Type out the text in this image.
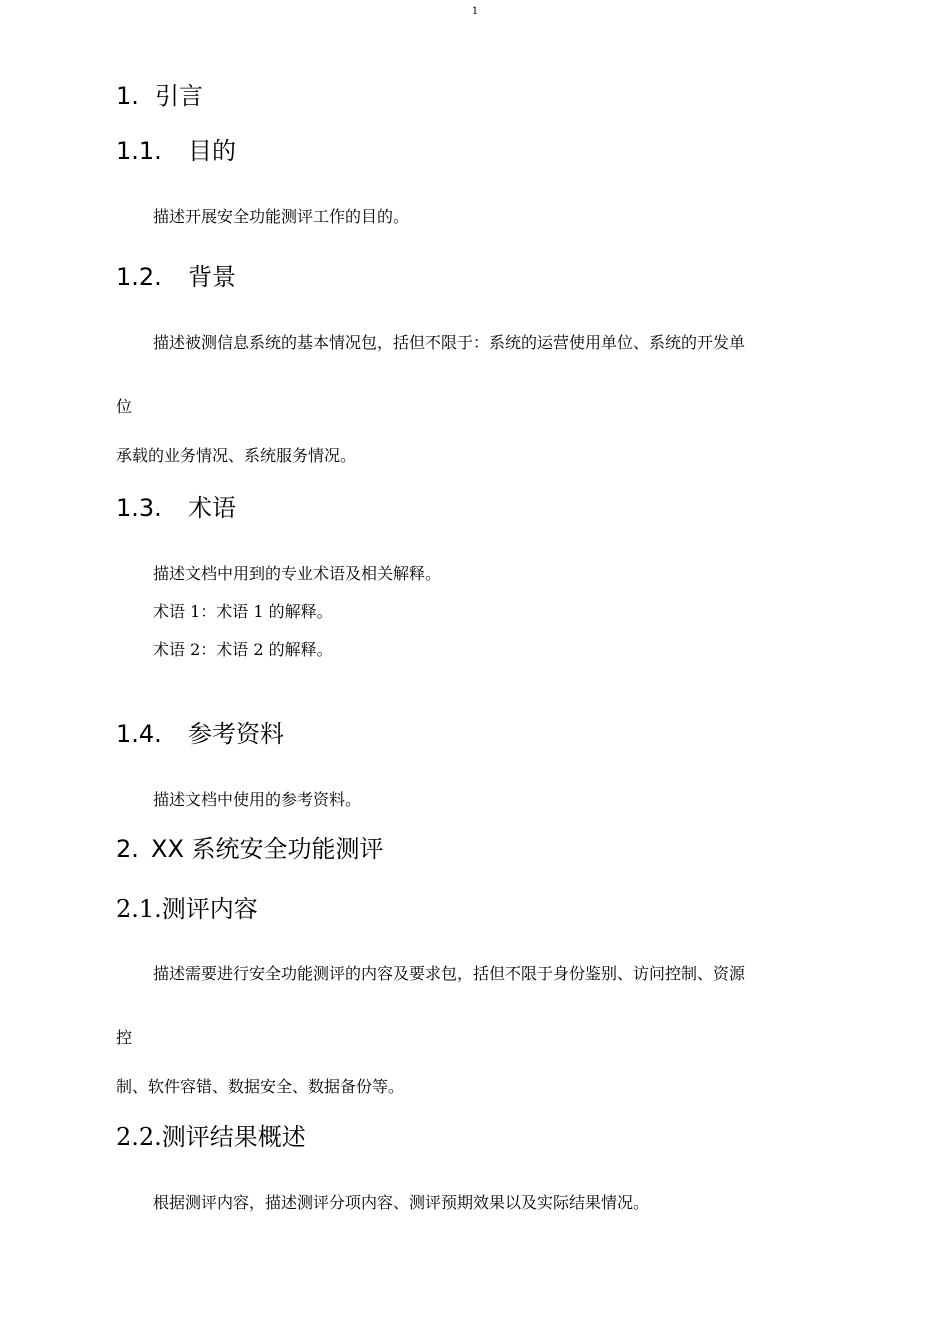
1
1. 引言
1.1. 目的
描述开展安全功能测评工作的目的。
1.2. 背景
描述被测信息系统的基本情况包，括但不限于：系统的运营使用单位、系统的开发单
位
承载的业务情况、系统服务情况。
1.3. 术语
描述文档中用到的专业术语及相关解释。
术语 1：术语 1 的解释。
术语 2：术语 2 的解释。
1.4. 参考资料
描述文档中使用的参考资料。
2. XX 系统安全功能测评
2.1.测评内容
描述需要进行安全功能测评的内容及要求包，括但不限于身份鉴别、访问控制、资源
控
制、软件容错、数据安全、数据备份等。
2.2.测评结果概述
根据测评内容，描述测评分项内容、测评预期效果以及实际结果情况。
